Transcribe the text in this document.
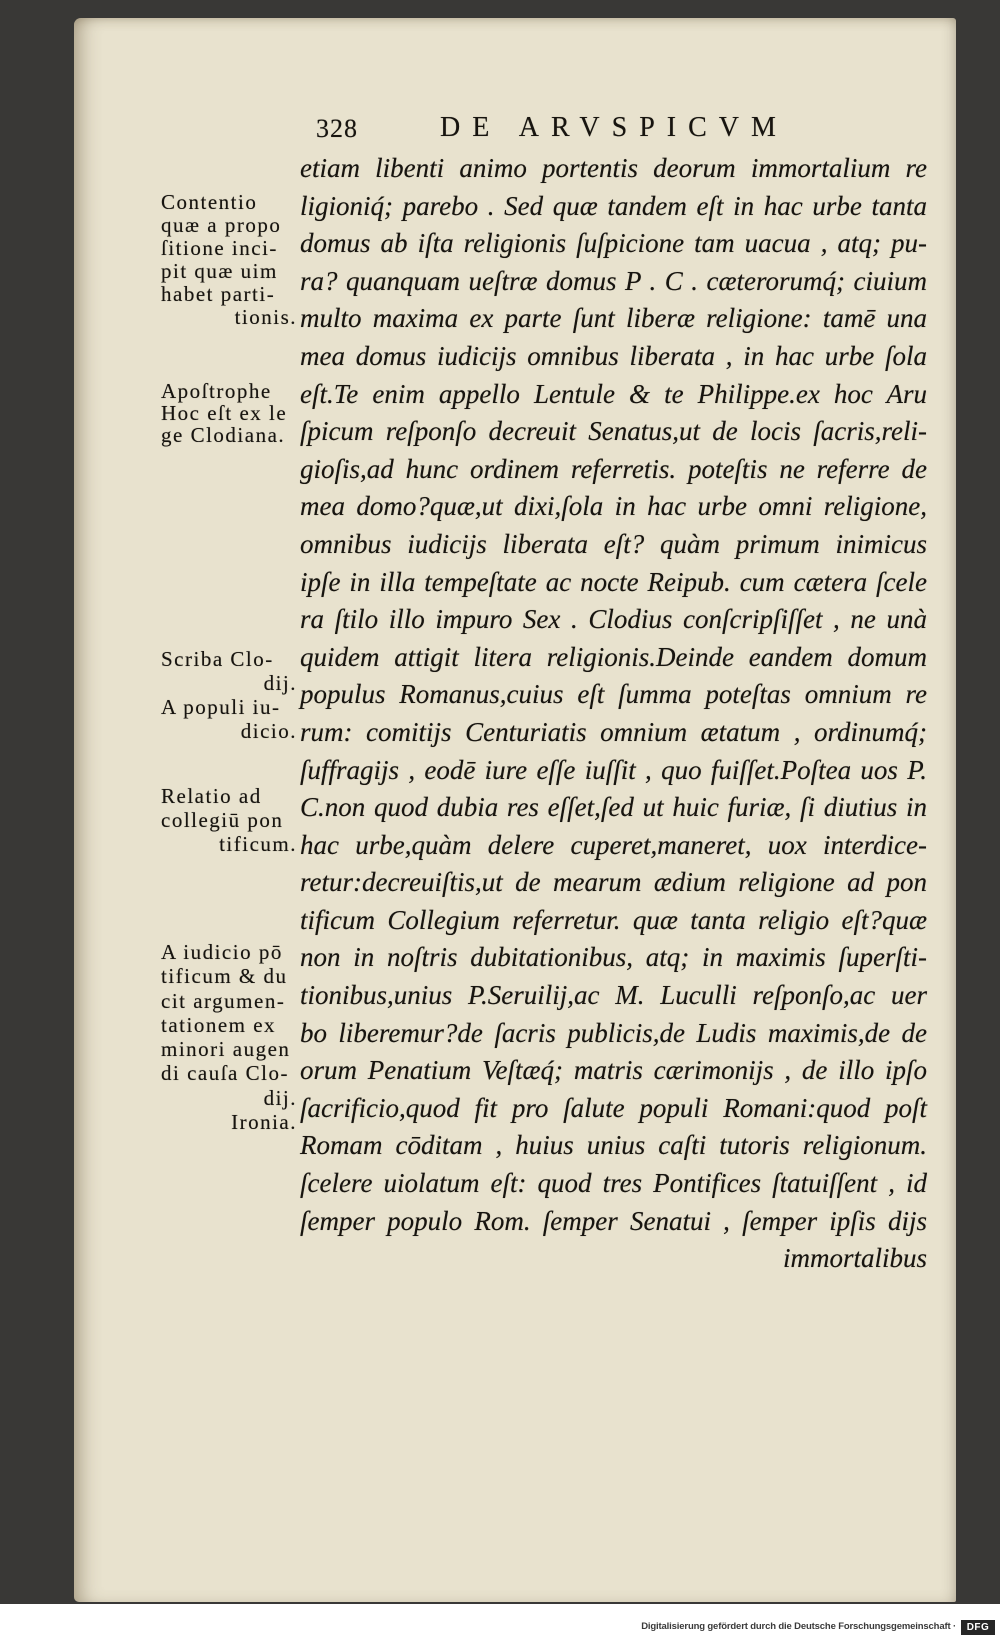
328	DE ARVSPICVM
etiam libenti animo portentis deorum immortalium re
ligioniq́; parebo . Sed quæ tandem eſt in hac urbe tanta
domus ab iſta religionis ſuſpicione tam uacua , atq; pu-
ra? quanquam ueſtræ domus P . C . cæterorumq́; ciuium
multo maxima ex parte ſunt liberæ religione: tamē una
mea domus iudicijs omnibus liberata , in hac urbe ſola
eſt.Te enim appello Lentule & te Philippe.ex hoc Aru
ſpicum reſponſo decreuit Senatus,ut de locis ſacris,reli-
gioſis,ad hunc ordinem referretis. poteſtis ne referre de
mea domo?quæ,ut dixi,ſola in hac urbe omni religione,
omnibus iudicijs liberata eſt? quàm primum inimicus
ipſe in illa tempeſtate ac nocte Reipub. cum cætera ſcele
ra ſtilo illo impuro Sex . Clodius conſcripſiſſet , ne unà
quidem attigit litera religionis.Deinde eandem domum
populus Romanus,cuius eſt ſumma poteſtas omnium re
rum: comitijs Centuriatis omnium ætatum , ordinumq́;
ſuffragijs , eodē iure eſſe iuſſit , quo fuiſſet.Poſtea uos P.
C.non quod dubia res eſſet,ſed ut huic furiæ, ſi diutius in
hac urbe,quàm delere cuperet,maneret, uox interdice-
retur:decreuiſtis,ut de mearum ædium religione ad pon
tificum Collegium referretur. quæ tanta religio eſt?quæ
non in noſtris dubitationibus, atq; in maximis ſuperſti-
tionibus,unius P.Seruilij,ac M. Luculli reſponſo,ac uer
bo liberemur?de ſacris publicis,de Ludis maximis,de de
orum Penatium Veſtæq́; matris cærimonijs , de illo ipſo
ſacrificio,quod fit pro ſalute populi Romani:quod poſt
Romam cōditam , huius unius caſti tutoris religionum.
ſcelere uiolatum eſt: quod tres Pontifices ſtatuiſſent , id
ſemper populo Rom. ſemper Senatui , ſemper ipſis dijs
immortalibus
Contentio
quæ a propo
ſitione inci-
pit quæ uim
habet parti-
tionis.
Apoſtrophe
Hoc eſt ex le
ge Clodiana.
Scriba Clo-
dij.
A populi iu-
dicio.
Relatio ad
collegiū pon
tificum.
A iudicio pō
tificum & du
cit argumen-
tationem ex
minori augen
di cauſa Clo-
dij.
Ironia.
Digitalisierung gefördert durch die Deutsche Forschungsgemeinschaft ·	DFG
